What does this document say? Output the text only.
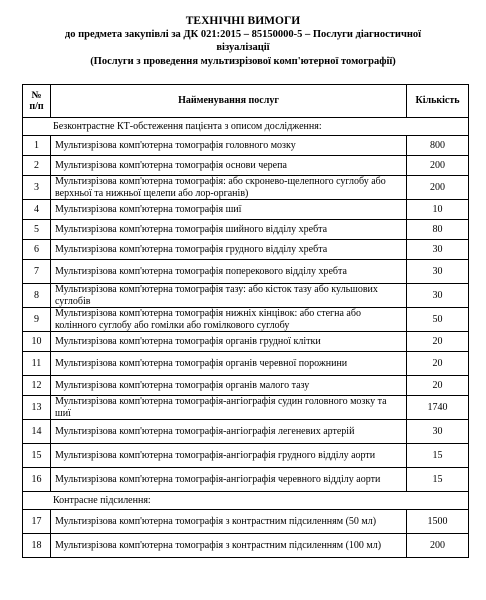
ТЕХНІЧНІ ВИМОГИ
до предмета закупівлі за ДК 021:2015 – 85150000-5 – Послуги діагностичної візуалізації
(Послуги з проведення мультизрізової комп'ютерної томографії)
№ п/п	Найменування послуг	Кількість
Безконтрастне КТ-обстеження пацієнта з описом дослідження:		
1	Мультизрізова комп'ютерна томографія головного мозку	800
2	Мультизрізова комп'ютерна томографія основи черепа	200
3	Мультизрізова комп'ютерна томографія: або скронево-щелепного суглобу або верхньої та нижньої щелепи або лор-органів)	200
4	Мультизрізова комп'ютерна томографія шиї	10
5	Мультизрізова комп'ютерна томографія шийного відділу хребта	80
6	Мультизрізова комп'ютерна томографія грудного відділу хребта	30
7	Мультизрізова комп'ютерна томографія поперекового відділу хребта	30
8	Мультизрізова комп'ютерна томографія тазу: або кісток тазу або кульшових суглобів	30
9	Мультизрізова комп'ютерна томографія нижніх кінцівок: або стегна або колінного суглобу або гомілки або гомілкового суглобу	50
10	Мультизрізова комп'ютерна томографія органів грудної клітки	20
11	Мультизрізова комп'ютерна томографія органів черевної порожнини	20
12	Мультизрізова комп'ютерна томографія органів малого тазу	20
13	Мультизрізова комп'ютерна томографія-ангіографія судин головного мозку та шиї	1740
14	Мультизрізова комп'ютерна томографія-ангіографія легеневих артерій	30
15	Мультизрізова комп'ютерна томографія-ангіографія грудного відділу аорти	15
16	Мультизрізова комп'ютерна томографія-ангіографія черевного відділу аорти	15
Контрасне підсилення:		
17	Мультизрізова комп'ютерна томографія з контрастним підсиленням (50 мл)	1500
18	Мультизрізова комп'ютерна томографія з контрастним підсиленням (100 мл)	200
